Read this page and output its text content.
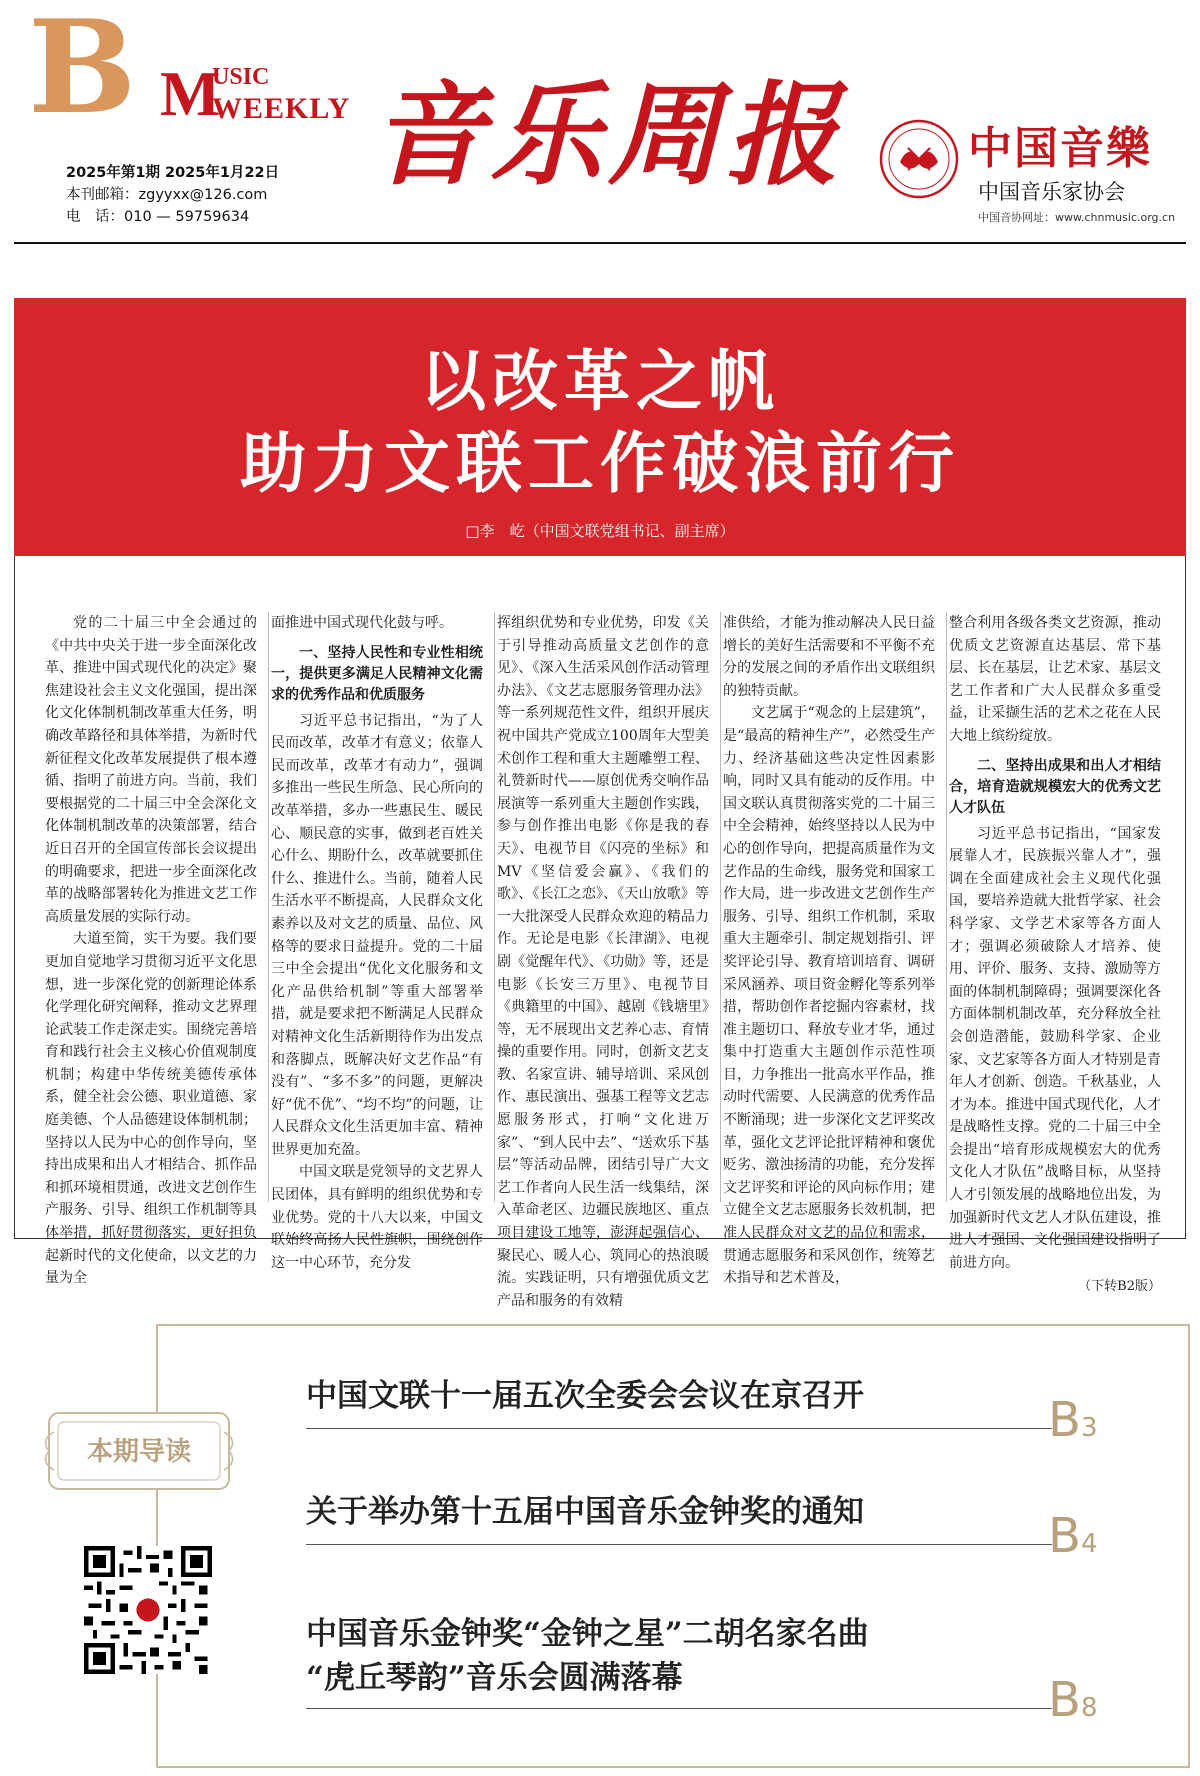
B M
USIC
WEEKLY
2025年第1期 2025年1月22日
本刊邮箱：zgyyxx@126.com
电　话：010 — 59759634
音乐周报	中国音樂
中国音乐家协会
中国音协网址：www.chnmusic.org.cn
以改革之帆
助力文联工作破浪前行
□李　屹（中国文联党组书记、副主席）

党的二十届三中全会通过的《中共中央关于进一步全面深化改革、推进中国式现代化的决定》聚焦建设社会主义文化强国，提出深化文化体制机制改革重大任务，明确改革路径和具体举措，为新时代新征程文化改革发展提供了根本遵循、指明了前进方向。当前，我们要根据党的二十届三中全会深化文化体制机制改革的决策部署，结合近日召开的全国宣传部长会议提出的明确要求，把进一步全面深化改革的战略部署转化为推进文艺工作高质量发展的实际行动。

大道至简，实干为要。我们要更加自觉地学习贯彻习近平文化思想，进一步深化党的创新理论体系化学理化研究阐释，推动文艺界理论武装工作走深走实。围绕完善培育和践行社会主义核心价值观制度机制；构建中华传统美德传承体系，健全社会公德、职业道德、家庭美德、个人品德建设体制机制；坚持以人民为中心的创作导向，坚持出成果和出人才相结合、抓作品和抓环境相贯通，改进文艺创作生产服务、引导、组织工作机制等具体举措，抓好贯彻落实，更好担负起新时代的文化使命，以文艺的力量为全

面推进中国式现代化鼓与呼。

一、坚持人民性和专业性相统一，提供更多满足人民精神文化需求的优秀作品和优质服务

习近平总书记指出，“为了人民而改革，改革才有意义；依靠人民而改革，改革才有动力”，强调多推出一些民生所急、民心所向的改革举措，多办一些惠民生、暖民心、顺民意的实事，做到老百姓关心什么、期盼什么，改革就要抓住什么、推进什么。当前，随着人民生活水平不断提高，人民群众文化素养以及对文艺的质量、品位、风格等的要求日益提升。党的二十届三中全会提出“优化文化服务和文化产品供给机制”等重大部署举措，就是要求把不断满足人民群众对精神文化生活新期待作为出发点和落脚点，既解决好文艺作品“有没有”、“多不多”的问题，更解决好“优不优”、“均不均”的问题，让人民群众文化生活更加丰富、精神世界更加充盈。

中国文联是党领导的文艺界人民团体，具有鲜明的组织优势和专业优势。党的十八大以来，中国文联始终高扬人民性旗帜，围绕创作这一中心环节，充分发

挥组织优势和专业优势，印发《关于引导推动高质量文艺创作的意见》、《深入生活采风创作活动管理办法》、《文艺志愿服务管理办法》等一系列规范性文件，组织开展庆祝中国共产党成立100周年大型美术创作工程和重大主题雕塑工程、礼赞新时代——原创优秀交响作品展演等一系列重大主题创作实践，参与创作推出电影《你是我的春天》、电视节目《闪亮的坐标》和MV《坚信爱会赢》、《我们的歌》、《长江之恋》、《天山放歌》等一大批深受人民群众欢迎的精品力作。无论是电影《长津湖》、电视剧《觉醒年代》、《功勋》等，还是电影《长安三万里》、电视节目《典籍里的中国》、越剧《钱塘里》等，无不展现出文艺养心志、育情操的重要作用。同时，创新文艺支教、名家宣讲、辅导培训、采风创作、惠民演出、强基工程等文艺志愿服务形式，打响“文化进万家”、“到人民中去”、“送欢乐下基层”等活动品牌，团结引导广大文艺工作者向人民生活一线集结，深入革命老区、边疆民族地区、重点项目建设工地等，澎湃起强信心、聚民心、暖人心、筑同心的热浪暖流。实践证明，只有增强优质文艺产品和服务的有效精

准供给，才能为推动解决人民日益增长的美好生活需要和不平衡不充分的发展之间的矛盾作出文联组织的独特贡献。

文艺属于“观念的上层建筑”，是“最高的精神生产”，必然受生产力、经济基础这些决定性因素影响，同时又具有能动的反作用。中国文联认真贯彻落实党的二十届三中全会精神，始终坚持以人民为中心的创作导向，把提高质量作为文艺作品的生命线，服务党和国家工作大局，进一步改进文艺创作生产服务、引导、组织工作机制，采取重大主题牵引、制定规划指引、评奖评论引导、教育培训培育、调研采风涵养、项目资金孵化等系列举措，帮助创作者挖掘内容素材，找准主题切口、释放专业才华，通过集中打造重大主题创作示范性项目，力争推出一批高水平作品，推动时代需要、人民满意的优秀作品不断涌现；进一步深化文艺评奖改革，强化文艺评论批评精神和褒优贬劣、激浊扬清的功能，充分发挥文艺评奖和评论的风向标作用；建立健全文艺志愿服务长效机制，把准人民群众对文艺的品位和需求，贯通志愿服务和采风创作，统筹艺术指导和艺术普及，

整合利用各级各类文艺资源，推动优质文艺资源直达基层、常下基层、长在基层，让艺术家、基层文艺工作者和广大人民群众多重受益，让采撷生活的艺术之花在人民大地上缤纷绽放。

二、坚持出成果和出人才相结合，培育造就规模宏大的优秀文艺人才队伍

习近平总书记指出，“国家发展靠人才，民族振兴靠人才”，强调在全面建成社会主义现代化强国，要培养造就大批哲学家、社会科学家、文学艺术家等各方面人才；强调必须破除人才培养、使用、评价、服务、支持、激励等方面的体制机制障碍；强调要深化各方面体制机制改革，充分释放全社会创造潜能，鼓励科学家、企业家、文艺家等各方面人才特别是青年人才创新、创造。千秋基业，人才为本。推进中国式现代化，人才是战略性支撑。党的二十届三中全会提出“培育形成规模宏大的优秀文化人才队伍”战略目标，从坚持人才引领发展的战略地位出发，为加强新时代文艺人才队伍建设，推进人才强国、文化强国建设指明了前进方向。

（下转B2版）
本期导读
中国文联十一届五次全委会会议在京召开	B3
关于举办第十五届中国音乐金钟奖的通知	B4
中国音乐金钟奖“金钟之星”二胡名家名曲
“虎丘琴韵”音乐会圆满落幕	B8
